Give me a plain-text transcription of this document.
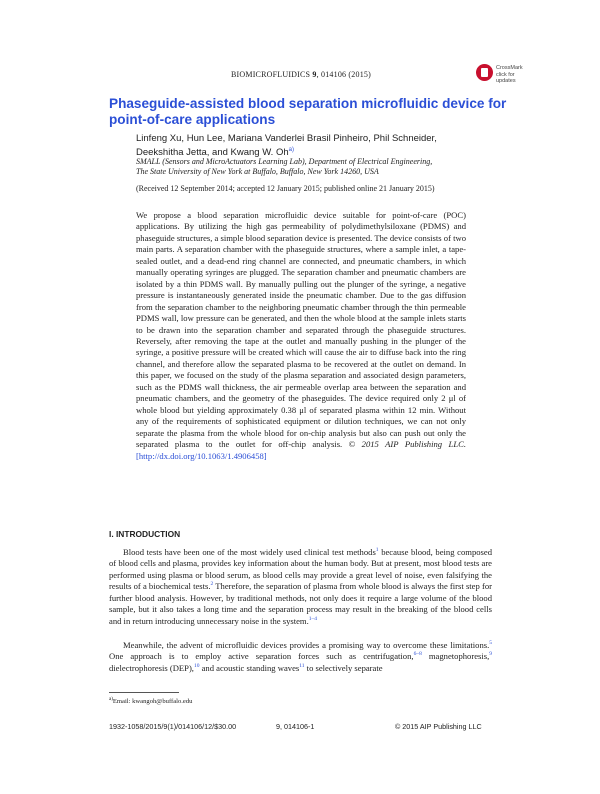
BIOMICROFLUIDICS 9, 014106 (2015)
CrossMark
click for updates
Phaseguide-assisted blood separation microfluidic device for point-of-care applications
Linfeng Xu, Hun Lee, Mariana Vanderlei Brasil Pinheiro, Phil Schneider,
Deekshitha Jetta, and Kwang W. Oh$^{a)}$
SMALL (Sensors and MicroActuators Learning Lab), Department of Electrical Engineering,
The State University of New York at Buffalo, Buffalo, New York 14260, USA
(Received 12 September 2014; accepted 12 January 2015; published online 21 January 2015)
We propose a blood separation microfluidic device suitable for point-of-care (POC) applications. By utilizing the high gas permeability of polydimethylsiloxane (PDMS) and phaseguide structures, a simple blood separation device is presented. The device consists of two main parts. A separation chamber with the phaseguide structures, where a sample inlet, a tape-sealed outlet, and a dead-end ring channel are connected, and pneumatic chambers, in which manually operating syringes are plugged. The separation chamber and pneumatic chambers are isolated by a thin PDMS wall. By manually pulling out the plunger of the syringe, a negative pressure is instantaneously generated inside the pneumatic chamber. Due to the gas diffusion from the separation chamber to the neighboring pneumatic chamber through the thin permeable PDMS wall, low pressure can be generated, and then the whole blood at the sample inlets starts to be drawn into the separation chamber and separated through the phaseguide structures. Reversely, after removing the tape at the outlet and manually pushing in the plunger of the syringe, a positive pressure will be created which will cause the air to diffuse back into the ring channel, and therefore allow the separated plasma to be recovered at the outlet on demand. In this paper, we focused on the study of the plasma separation and associated design parameters, such as the PDMS wall thickness, the air permeable overlap area between the separation and pneumatic chambers, and the geometry of the phaseguides. The device required only 2 μl of whole blood but yielding approximately 0.38 μl of separated plasma within 12 min. Without any of the requirements of sophisticated equipment or dilution techniques, we can not only separate the plasma from the whole blood for on-chip analysis but also can push out only the separated plasma to the outlet for off-chip analysis. © 2015 AIP Publishing LLC. [http://dx.doi.org/10.1063/1.4906458]
I. INTRODUCTION

Blood tests have been one of the most widely used clinical test methods$^1$ because blood, being composed of blood cells and plasma, provides key information about the human body. But at present, most blood tests are performed using plasma or blood serum, as blood cells may provide a great level of noise, even falsifying the results of a biochemical tests.$^2$ Therefore, the separation of plasma from whole blood is always the first step for further blood analysis. However, by traditional methods, not only does it require a large volume of the blood sample, but it also takes a long time and the separation process may result in the breaking of the blood cells and in return introducing unnecessary noise in the system.$^{1-4}$

Meanwhile, the advent of microfluidic devices provides a promising way to overcome these limitations.$^5$ One approach is to employ active separation forces such as centrifugation,$^{6-8}$ magnetophoresis,$^9$ dielectrophoresis (DEP),$^{10}$ and acoustic standing waves$^{11}$ to selectively separate

$^{a)}$Email: kwangoh@buffalo.edu
1932-1058/2015/9(1)/014106/12/$30.00	9, 014106-1	© 2015 AIP Publishing LLC
